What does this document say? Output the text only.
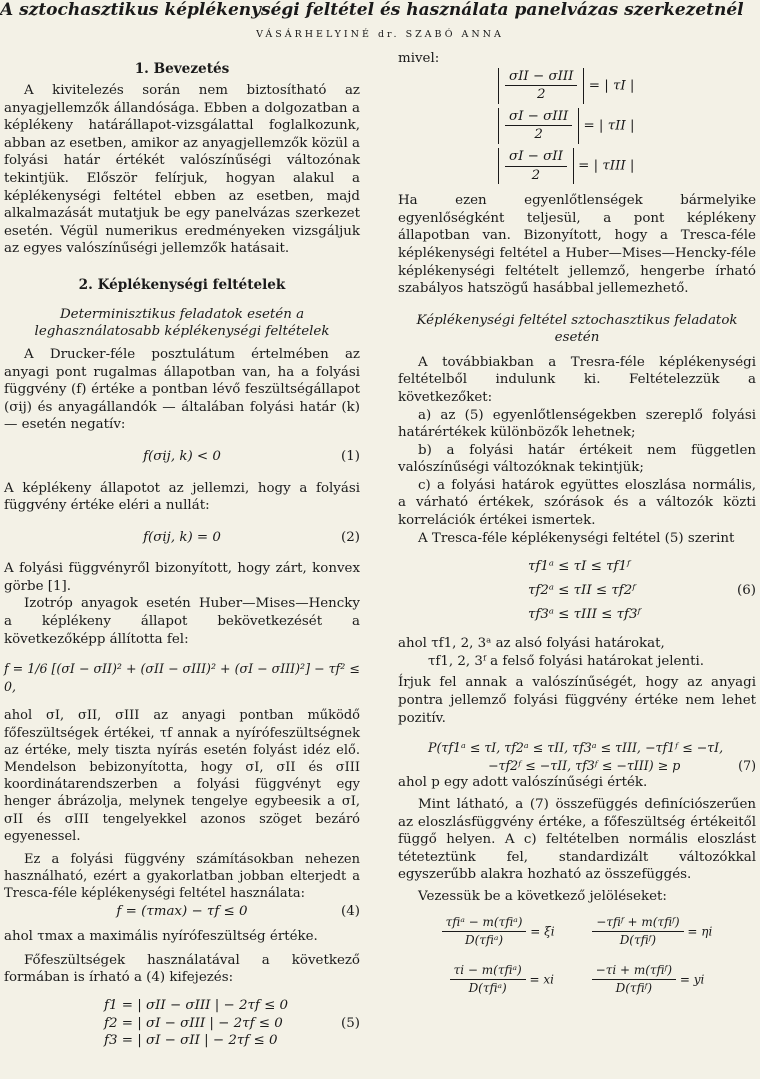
A sztochasztikus képlékenységi feltétel és használata panelvázas szerkezetnél
VÁSÁRHELYINÉ dr. SZABÓ ANNA
1. Bevezetés

A kivitelezés során nem biztosítható az anyagjellemzők állandósága. Ebben a dolgozatban a képlékeny határállapot-vizsgálattal foglalkozunk, abban az esetben, amikor az anyagjellemzők közül a folyási határ értékét valószínűségi változónak tekintjük. Először felírjuk, hogyan alakul a képlékenységi feltétel ebben az esetben, majd alkalmazását mutatjuk be egy panelvázas szerkezet esetén. Végül numerikus eredményeken vizsgáljuk az egyes valószínűségi jellemzők hatásait.

2. Képlékenységi feltételek
Determinisztikus feladatok esetén a leghasználatosabb képlékenységi feltételek

A Drucker-féle posztulátum értelmében az anyagi pont rugalmas állapotban van, ha a folyási függvény (f) értéke a pontban lévő feszültségállapot (σij) és anyagállandók — általában folyási határ (k) — esetén negatív:

f(σij, k) < 0	(1)

A képlékeny állapotot az jellemzi, hogy a folyási függvény értéke eléri a nullát:

f(σij, k) = 0	(2)

A folyási függvényről bizonyított, hogy zárt, konvex görbe [1].

Izotróp anyagok esetén Huber—Mises—Hencky a képlékeny állapot bekövetkezését a következőképp állította fel:

f = 1/6 [(σI − σII)² + (σII − σIII)² + (σI − σIII)²] − τf² ≤ 0,

ahol σI, σII, σIII az anyagi pontban működő főfeszültségek értékei, τf annak a nyírófeszültségnek az értéke, mely tiszta nyírás esetén folyást idéz elő. Mendelson bebizonyította, hogy σI, σII és σIII koordinátarendszerben a folyási függvényt egy henger ábrázolja, melynek tengelye egybeesik a σI, σII és σIII tengelyekkel azonos szöget bezáró egyenessel.

Ez a folyási függvény számításokban nehezen használható, ezért a gyakorlatban jobban elterjedt a Tresca-féle képlékenységi feltétel használata:

f = (τmax) − τf ≤ 0	(4)

ahol τmax a maximális nyírófeszültség értéke.

Főfeszültségek használatával a következő formában is írható a (4) kifejezés:

f1 = | σII − σIII | − 2τf ≤ 0
f2 = | σI − σIII | − 2τf ≤ 0
f3 = | σI − σII | − 2τf ≤ 0
(5)

mivel:

$\frac{\text{σII − σIII}}{2}$ = | τI |
$\frac{\text{σI − σIII}}{2}$ = | τII |
$\frac{\text{σI − σII}}{2}$ = | τIII |

Ha ezen egyenlőtlenségek bármelyike egyenlőségként teljesül, a pont képlékeny állapotban van. Bizonyított, hogy a Tresca-féle képlékenységi feltétel a Huber—Mises—Hencky-féle képlékenységi feltételt jellemző, hengerbe írható szabályos hatszögű hasábbal jellemezhető.

Képlékenységi feltétel sztochasztikus feladatok esetén

A továbbiakban a Tresra-féle képlékenységi feltételből indulunk ki. Feltételezzük a következőket:

a) az (5) egyenlőtlenségekben szereplő folyási határértékek különbözők lehetnek;

b) a folyási határ értékeit nem független valószínűségi változóknak tekintjük;

c) a folyási határok együttes eloszlása normális, a várható értékek, szórások és a változók közti korrelációk értékei ismertek.

A Tresca-féle képlékenységi feltétel (5) szerint

τf1ᵃ ≤ τI ≤ τf1ᶠ
τf2ᵃ ≤ τII ≤ τf2ᶠ
τf3ᵃ ≤ τIII ≤ τf3ᶠ
(6)

ahol τf1, 2, 3ᵃ az alsó folyási határokat,

τf1, 2, 3ᶠ a felső folyási határokat jelenti.

Írjuk fel annak a valószínűségét, hogy az anyagi pontra jellemző folyási függvény értéke nem lehet pozitív.

P(τf1ᵃ ≤ τI, τf2ᵃ ≤ τII, τf3ᵃ ≤ τIII, −τf1ᶠ ≤ −τI,
−τf2ᶠ ≤ −τII, τf3ᶠ ≤ −τIII) ≥ p	(7)

ahol p egy adott valószínűségi érték.

Mint látható, a (7) összefüggés definíciószerűen az eloszlásfüggvény értéke, a főfeszültség értékeitől függő helyen. A c) feltételben normális eloszlást téteteztünk fel, standardizált változókkal egyszerűbb alakra hozható az összefüggés.

Vezessük be a következő jelöléseket:

$\frac{\text{τfiᵃ − m(τfiᵃ)}}{\text{D(τfiᵃ)}} = \xi i$	$\frac{\text{−τfiᶠ + m(τfiᶠ)}}{\text{D(τfiᶠ)}} = \eta i$
$\frac{\text{τi − m(τfiᵃ)}}{\text{D(τfiᵃ)}}$ = xi	$\frac{\text{−τi + m(τfiᶠ)}}{\text{D(τfiᶠ)}}$ = yi
